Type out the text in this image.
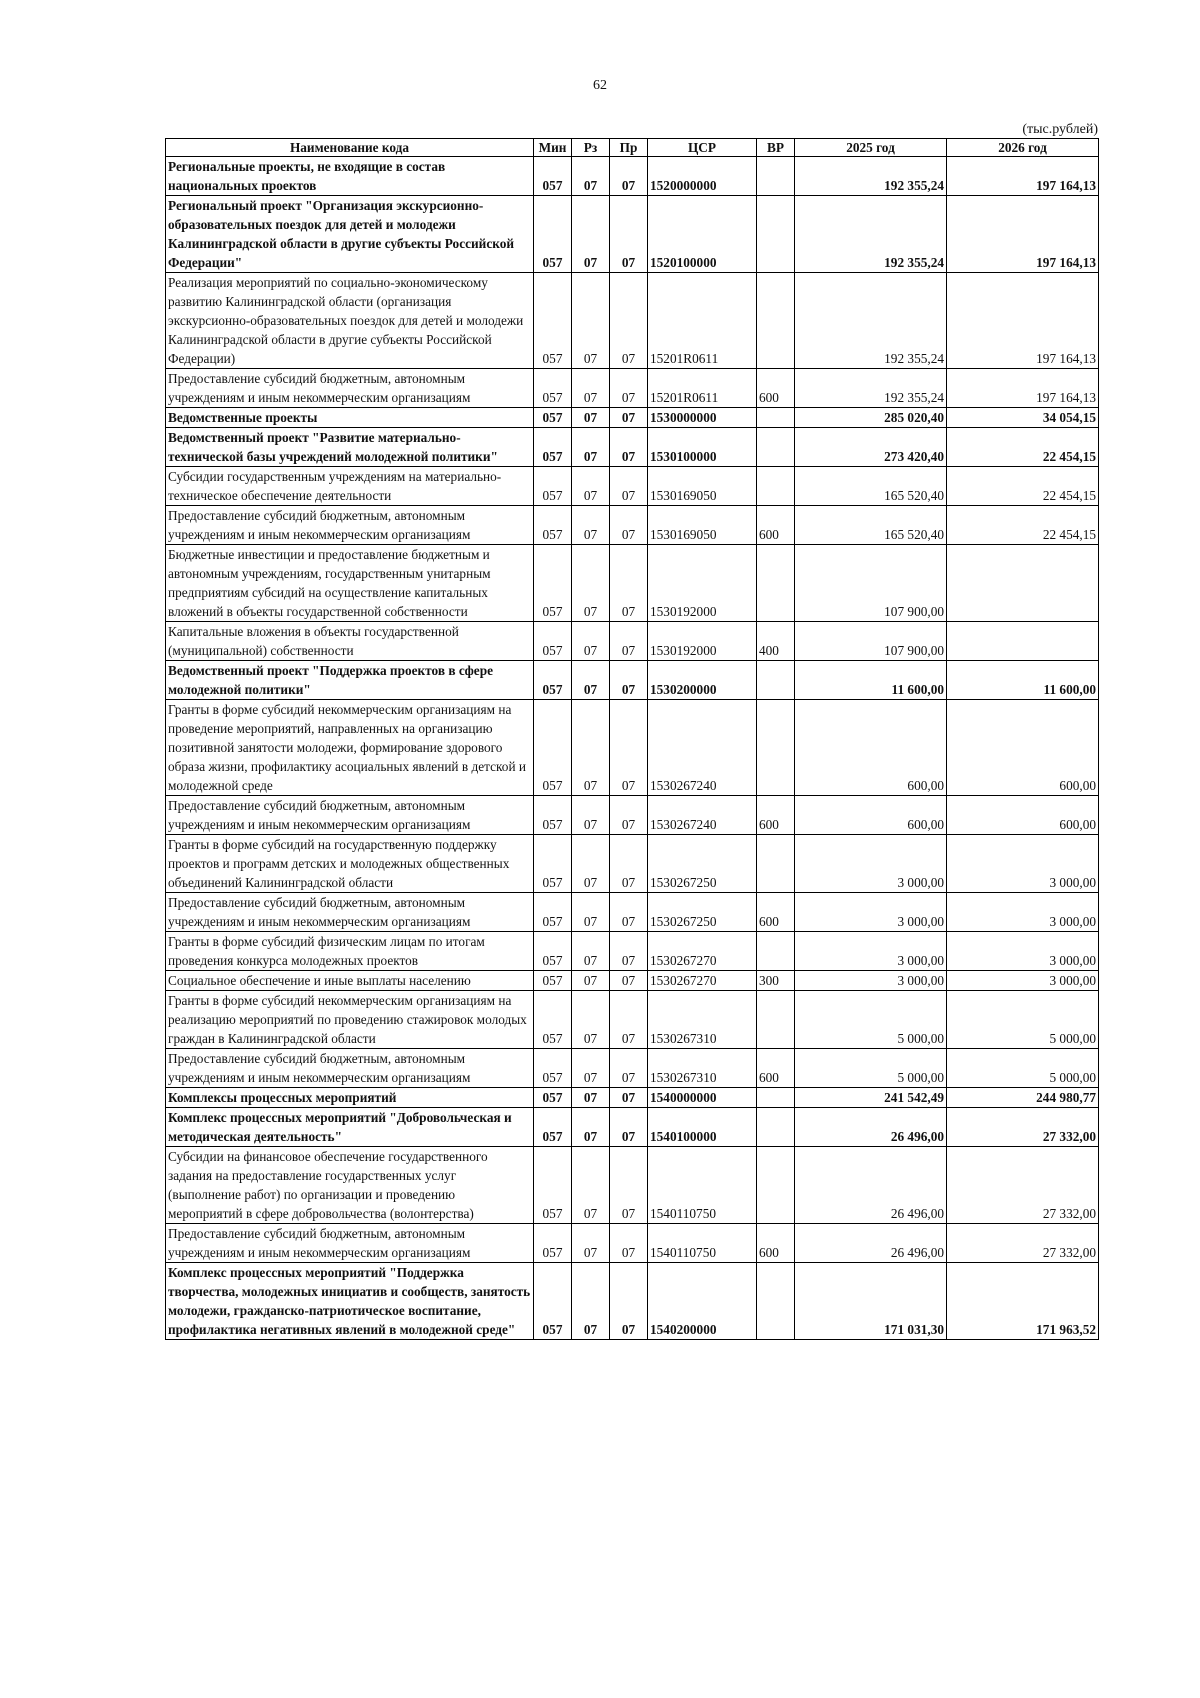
62
(тыс.рублей)
Наименование кода	Мин	Рз	Пр	ЦСР	ВР	2025 год	2026 год
Региональные проекты, не входящие в состав национальных проектов	057	07	07	1520000000		192 355,24	197 164,13
Региональный проект "Организация экскурсионно-образовательных поездок для детей и молодежи Калининградской области в другие субъекты Российской Федерации"	057	07	07	1520100000		192 355,24	197 164,13
Реализация мероприятий по социально-экономическому развитию Калининградской области (организация экскурсионно-образовательных поездок для детей и молодежи Калининградской области в другие субъекты Российской Федерации)	057	07	07	15201R0611		192 355,24	197 164,13
Предоставление субсидий бюджетным, автономным учреждениям и иным некоммерческим организациям	057	07	07	15201R0611	600	192 355,24	197 164,13
Ведомственные проекты	057	07	07	1530000000		285 020,40	34 054,15
Ведомственный проект "Развитие материально-технической базы учреждений молодежной политики"	057	07	07	1530100000		273 420,40	22 454,15
Субсидии государственным учреждениям на материально-техническое обеспечение деятельности	057	07	07	1530169050		165 520,40	22 454,15
Предоставление субсидий бюджетным, автономным учреждениям и иным некоммерческим организациям	057	07	07	1530169050	600	165 520,40	22 454,15
Бюджетные инвестиции и предоставление бюджетным и автономным учреждениям, государственным унитарным предприятиям субсидий на осуществление капитальных вложений в объекты государственной собственности	057	07	07	1530192000		107 900,00	
Капитальные вложения в объекты государственной (муниципальной) собственности	057	07	07	1530192000	400	107 900,00	
Ведомственный проект "Поддержка проектов в сфере молодежной политики"	057	07	07	1530200000		11 600,00	11 600,00
Гранты в форме субсидий некоммерческим организациям на проведение мероприятий, направленных на организацию позитивной занятости молодежи, формирование здорового образа жизни, профилактику асоциальных явлений в детской и молодежной среде	057	07	07	1530267240		600,00	600,00
Предоставление субсидий бюджетным, автономным учреждениям и иным некоммерческим организациям	057	07	07	1530267240	600	600,00	600,00
Гранты в форме субсидий на государственную поддержку проектов и программ детских и молодежных общественных объединений Калининградской области	057	07	07	1530267250		3 000,00	3 000,00
Предоставление субсидий бюджетным, автономным учреждениям и иным некоммерческим организациям	057	07	07	1530267250	600	3 000,00	3 000,00
Гранты в форме субсидий физическим лицам по итогам проведения конкурса молодежных проектов	057	07	07	1530267270		3 000,00	3 000,00
Социальное обеспечение и иные выплаты населению	057	07	07	1530267270	300	3 000,00	3 000,00
Гранты в форме субсидий некоммерческим организациям на реализацию мероприятий по проведению стажировок молодых граждан в Калининградской области	057	07	07	1530267310		5 000,00	5 000,00
Предоставление субсидий бюджетным, автономным учреждениям и иным некоммерческим организациям	057	07	07	1530267310	600	5 000,00	5 000,00
Комплексы процессных мероприятий	057	07	07	1540000000		241 542,49	244 980,77
Комплекс процессных мероприятий "Добровольческая и методическая деятельность"	057	07	07	1540100000		26 496,00	27 332,00
Субсидии на финансовое обеспечение государственного задания на предоставление государственных услуг (выполнение работ) по организации и проведению мероприятий в сфере добровольчества (волонтерства)	057	07	07	1540110750		26 496,00	27 332,00
Предоставление субсидий бюджетным, автономным учреждениям и иным некоммерческим организациям	057	07	07	1540110750	600	26 496,00	27 332,00
Комплекс процессных мероприятий "Поддержка творчества, молодежных инициатив и сообществ, занятость молодежи, гражданско-патриотическое воспитание, профилактика негативных явлений в молодежной среде"	057	07	07	1540200000		171 031,30	171 963,52
